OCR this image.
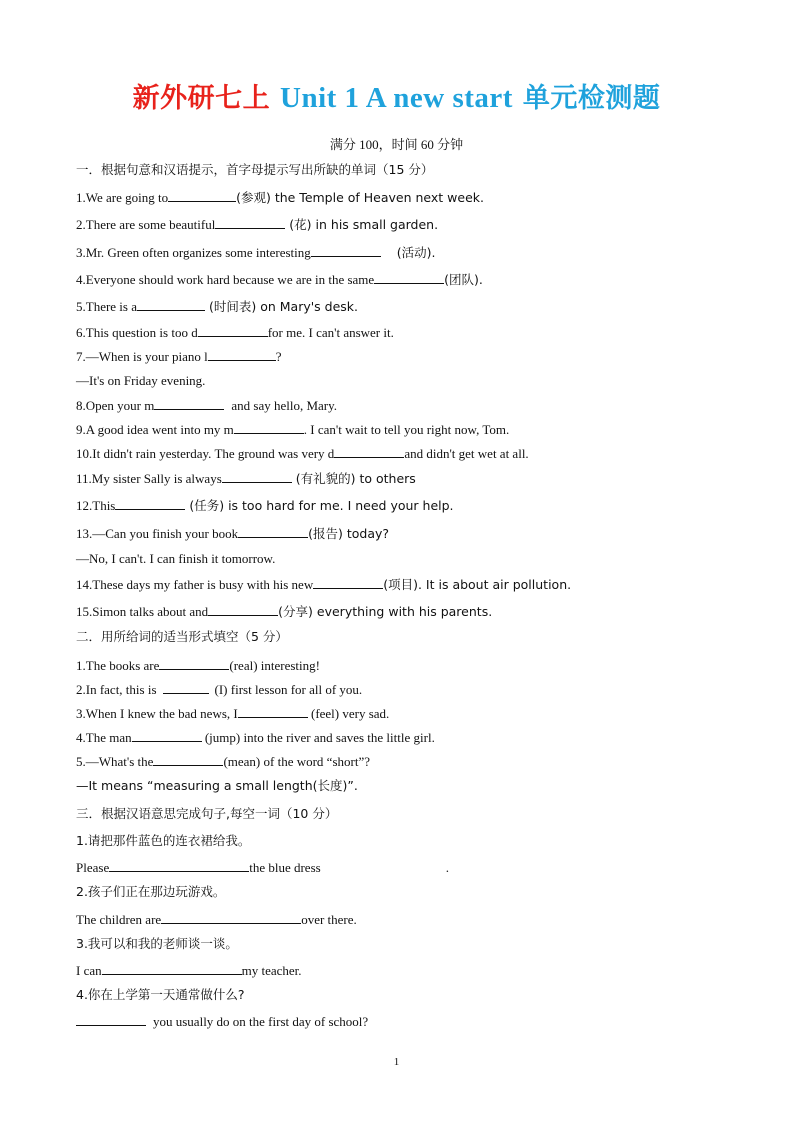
新外研七上 Unit 1 A new start 单元检测题
满分 100，时间 60 分钟
一．根据句意和汉语提示，首字母提示写出所缺的单词（15 分）
1.We are going to	(参观) the Temple of Heaven next week.
2.There are some beautiful	(花) in his small garden.
3.Mr. Green often organizes some interesting	(活动).
4.Everyone should work hard because we are in the same	(团队).
5.There is a	(时间表) on Mary's desk.
6.This question is too d	for me. I can't answer it.
7.—When is your piano l	?
—It's on Friday evening.
8.Open your m	and say hello, Mary.
9.A good idea went into my m	. I can't wait to tell you right now, Tom.
10.It didn't rain yesterday. The ground was very d	and didn't get wet at all.
11.My sister Sally is always	(有礼貌的) to others
12.This	(任务) is too hard for me. I need your help.
13.—Can you finish your book	(报告) today?
—No, I can't. I can finish it tomorrow.
14.These days my father is busy with his new	(项目). It is about air pollution.
15.Simon talks about and	(分享) everything with his parents.
二．用所给词的适当形式填空（5 分）
1.The books are	(real) interesting!
2.In fact, this is	(I) first lesson for all of you.
3.When I knew the bad news, I	(feel) very sad.
4.The man	(jump) into the river and saves the little girl.
5.—What's the	(mean) of the word “short”?
—It means “measuring a small length(长度)”.
三．根据汉语意思完成句子,每空一词（10 分）
1.请把那件蓝色的连衣裙给我。
Please	the blue dress	.
2.孩子们正在那边玩游戏。
The children are	over there.
3.我可以和我的老师谈一谈。
I can	my teacher.
4.你在上学第一天通常做什么?
you usually do on the first day of school?
1
